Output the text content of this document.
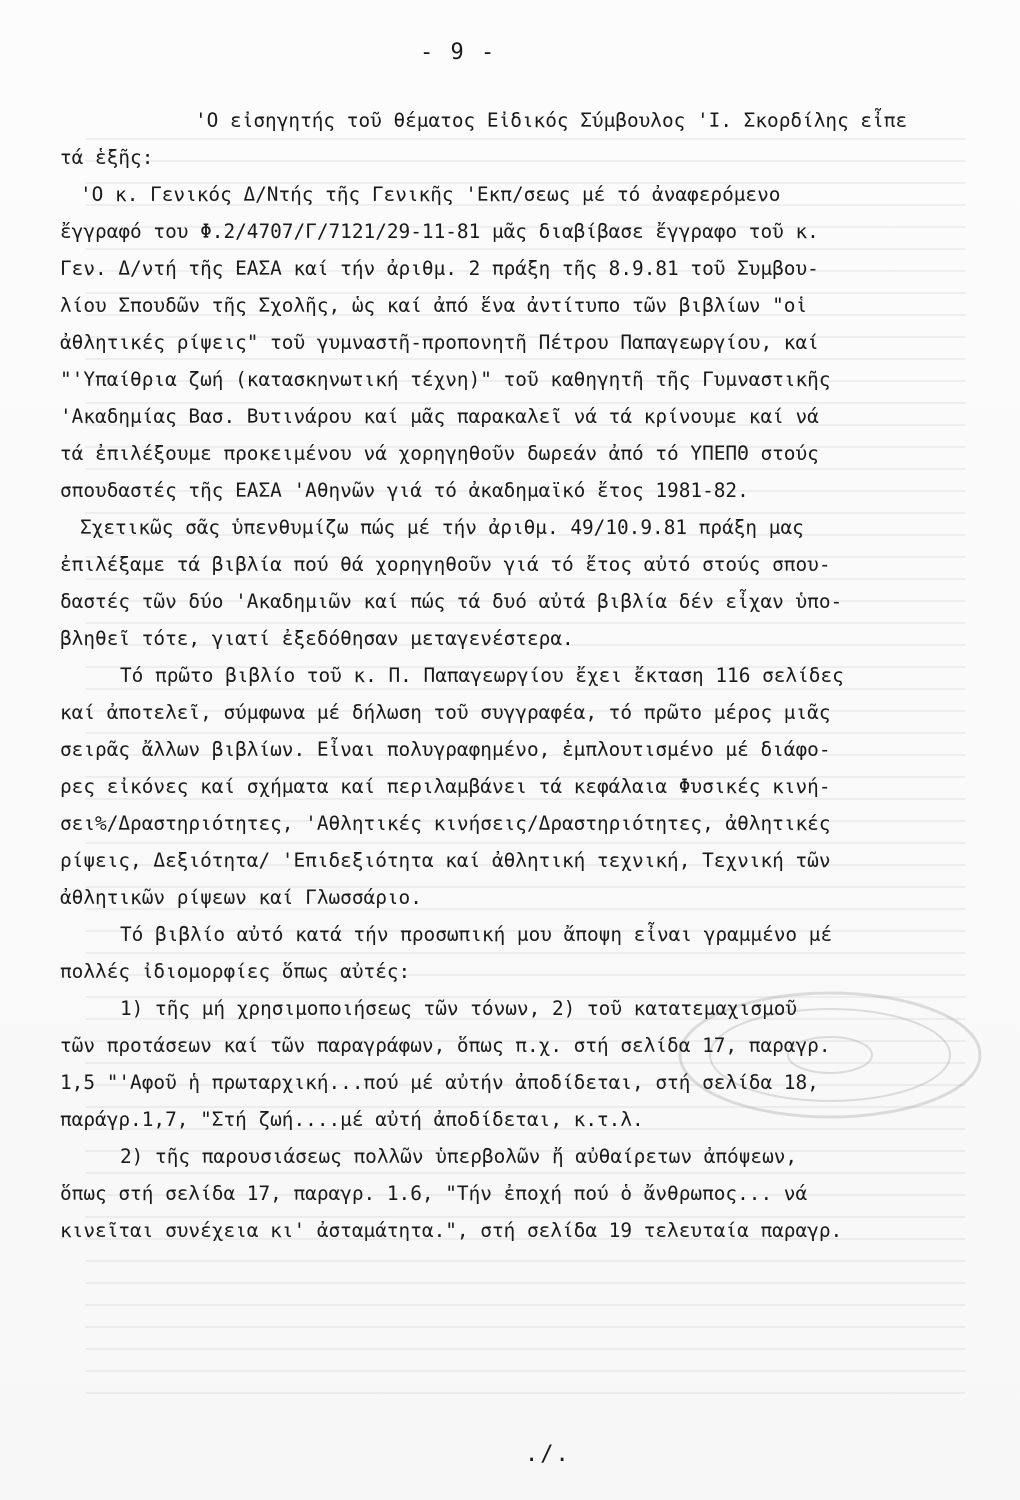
- 9 -
'Ο εἰσηγητής τοῦ θέματος Εἰδικός Σύμβουλος 'Ι. Σκορδίλης εἶπε
τά ἑξῆς:
'Ο κ. Γενικός Δ/Ντής τῆς Γενικῆς 'Εκπ/σεως μέ τό ἀναφερόμενο
ἔγγραφό του Φ.2/4707/Γ/7121/29-11-81 μᾶς διαβίβασε ἔγγραφο τοῦ κ.
Γεν. Δ/ντή τῆς ΕΑΣΑ καί τήν ἀριθμ. 2 πράξη τῆς 8.9.81 τοῦ Συμβου-
λίου Σπουδῶν τῆς Σχολῆς, ὡς καί ἀπό ἕνα ἀντίτυπο τῶν βιβλίων "οἱ
ἀθλητικές ρίψεις" τοῦ γυμναστῆ-προπονητῆ Πέτρου Παπαγεωργίου, καί
"'Υπαίθρια ζωή (κατασκηνωτική τέχνη)" τοῦ καθηγητῆ τῆς Γυμναστικῆς
'Ακαδημίας Βασ. Βυτινάρου καί μᾶς παρακαλεῖ νά τά κρίνουμε καί νά
τά ἐπιλέξουμε προκειμένου νά χορηγηθοῦν δωρεάν ἀπό τό ΥΠΕΠΘ στούς
σπουδαστές τῆς ΕΑΣΑ 'Αθηνῶν γιά τό ἀκαδημαϊκό ἔτος 1981-82.
Σχετικῶς σᾶς ὑπενθυμίζω πώς μέ τήν ἀριθμ. 49/10.9.81 πράξη μας
ἐπιλέξαμε τά βιβλία πού θά χορηγηθοῦν γιά τό ἔτος αὐτό στούς σπου-
δαστές τῶν δύο 'Ακαδημιῶν καί πώς τά δυό αὐτά βιβλία δέν εἶχαν ὑπο-
βληθεῖ τότε, γιατί ἐξεδόθησαν μεταγενέστερα.
Τό πρῶτο βιβλίο τοῦ κ. Π. Παπαγεωργίου ἔχει ἔκταση 116 σελίδες
καί ἀποτελεῖ, σύμφωνα μέ δήλωση τοῦ συγγραφέα, τό πρῶτο μέρος μιᾶς
σειρᾶς ἄλλων βιβλίων. Εἶναι πολυγραφημένο, ἐμπλουτισμένο μέ διάφο-
ρες εἰκόνες καί σχήματα καί περιλαμβάνει τά κεφάλαια Φυσικές κινή-
σει%/Δραστηριότητες, 'Αθλητικές κινήσεις/Δραστηριότητες, ἀθλητικές
ρίψεις, Δεξιότητα/ 'Επιδεξιότητα καί ἀθλητική τεχνική, Τεχνική τῶν
ἀθλητικῶν ρίψεων καί Γλωσσάριο.
Τό βιβλίο αὐτό κατά τήν προσωπική μου ἄποψη εἶναι γραμμένο μέ
πολλές ἰδιομορφίες ὅπως αὐτές:
1) τῆς μή χρησιμοποιήσεως τῶν τόνων, 2) τοῦ κατατεμαχισμοῦ
τῶν προτάσεων καί τῶν παραγράφων, ὅπως π.χ. στή σελίδα 17, παραγρ.
1,5 "'Αφοῦ ἡ πρωταρχική...πού μέ αὐτήν ἀποδίδεται, στή σελίδα 18,
παράγρ.1,7, "Στή ζωή....μέ αὐτή ἀποδίδεται, κ.τ.λ.
2) τῆς παρουσιάσεως πολλῶν ὑπερβολῶν ἤ αὐθαίρετων ἀπόψεων,
ὅπως στή σελίδα 17, παραγρ. 1.6, "Τήν ἐποχή πού ὁ ἄνθρωπος... νά
κινεῖται συνέχεια κι' ἀσταμάτητα.", στή σελίδα 19 τελευταία παραγρ.
./.
